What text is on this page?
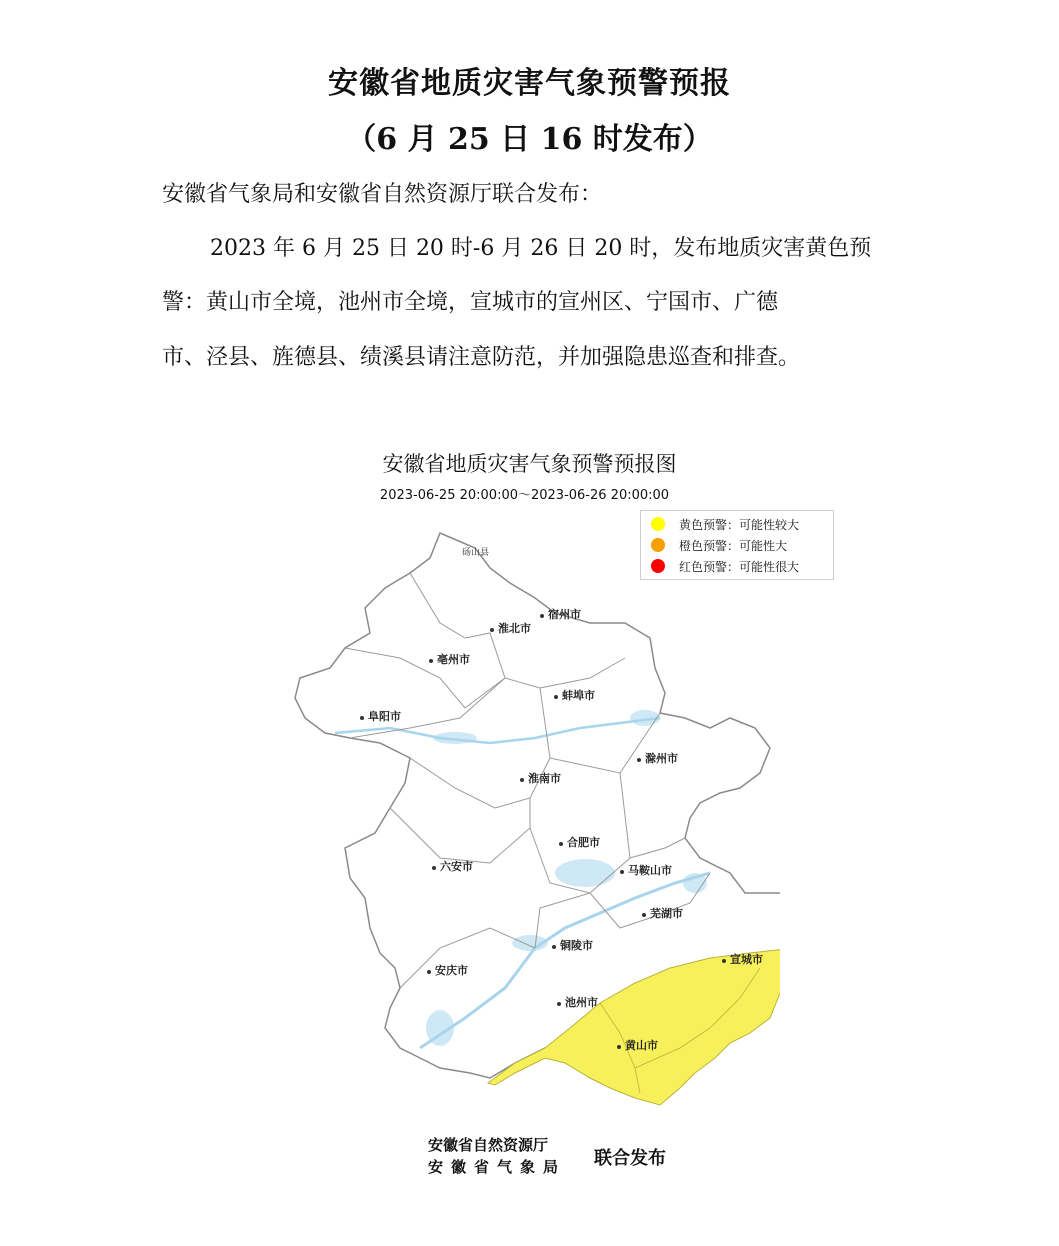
安徽省地质灾害气象预警预报
（6 月 25 日 16 时发布）
安徽省气象局和安徽省自然资源厅联合发布：
2023 年 6 月 25 日 20 时-6 月 26 日 20 时，发布地质灾害黄色预
警：黄山市全境，池州市全境，宣城市的宣州区、宁国市、广德
市、泾县、旌德县、绩溪县请注意防范，并加强隐患巡查和排查。
安徽省地质灾害气象预警预报图
2023-06-25 20:00:00～2023-06-26 20:00:00
砀山县
宿州市
淮北市
亳州市
阜阳市
蚌埠市
淮南市
滁州市
六安市
合肥市
马鞍山市
芜湖市
铜陵市
安庆市
池州市
宣城市
黄山市
黄色预警：可能性较大
橙色预警：可能性大
红色预警：可能性很大
安徽省自然资源厅
安徽省气象局 联合发布
